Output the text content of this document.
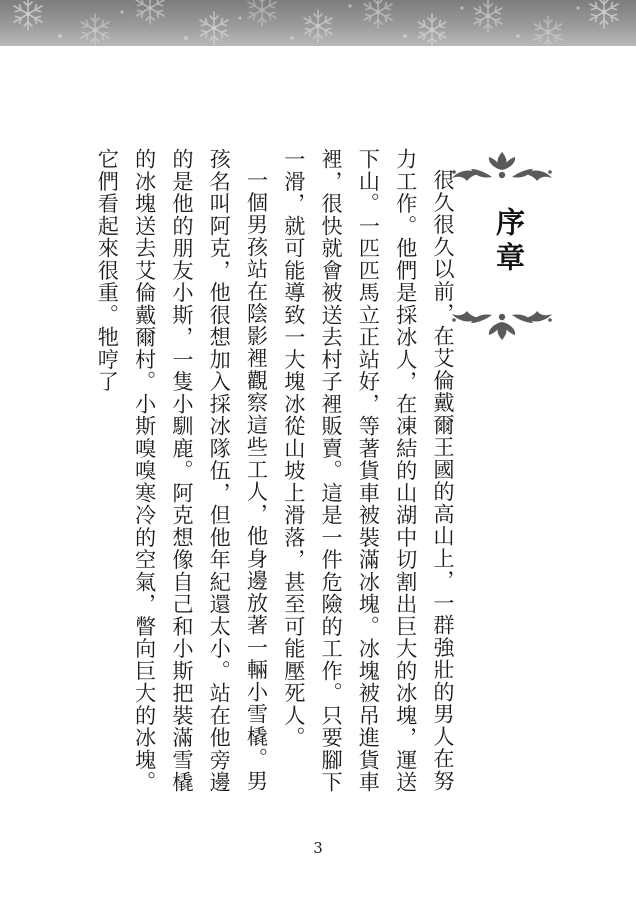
序章

很久很久以前，在艾倫戴爾王國的高山上，一群強壯的男人在努力工作。他們是採冰人，在凍結的山湖中切割出巨大的冰塊，運送下山。一匹匹馬立正站好，等著貨車被裝滿冰塊。冰塊被吊進貨車裡，很快就會被送去村子裡販賣。這是一件危險的工作。只要腳下一滑，就可能導致一大塊冰從山坡上滑落，甚至可能壓死人。

一個男孩站在陰影裡觀察這些工人，他身邊放著一輛小雪橇。男孩名叫阿克，他很想加入採冰隊伍，但他年紀還太小。站在他旁邊的是他的朋友小斯，一隻小馴鹿。阿克想像自己和小斯把裝滿雪橇的冰塊送去艾倫戴爾村。小斯嗅嗅寒冷的空氣，瞥向巨大的冰塊。它們看起來很重。牠哼了

3
